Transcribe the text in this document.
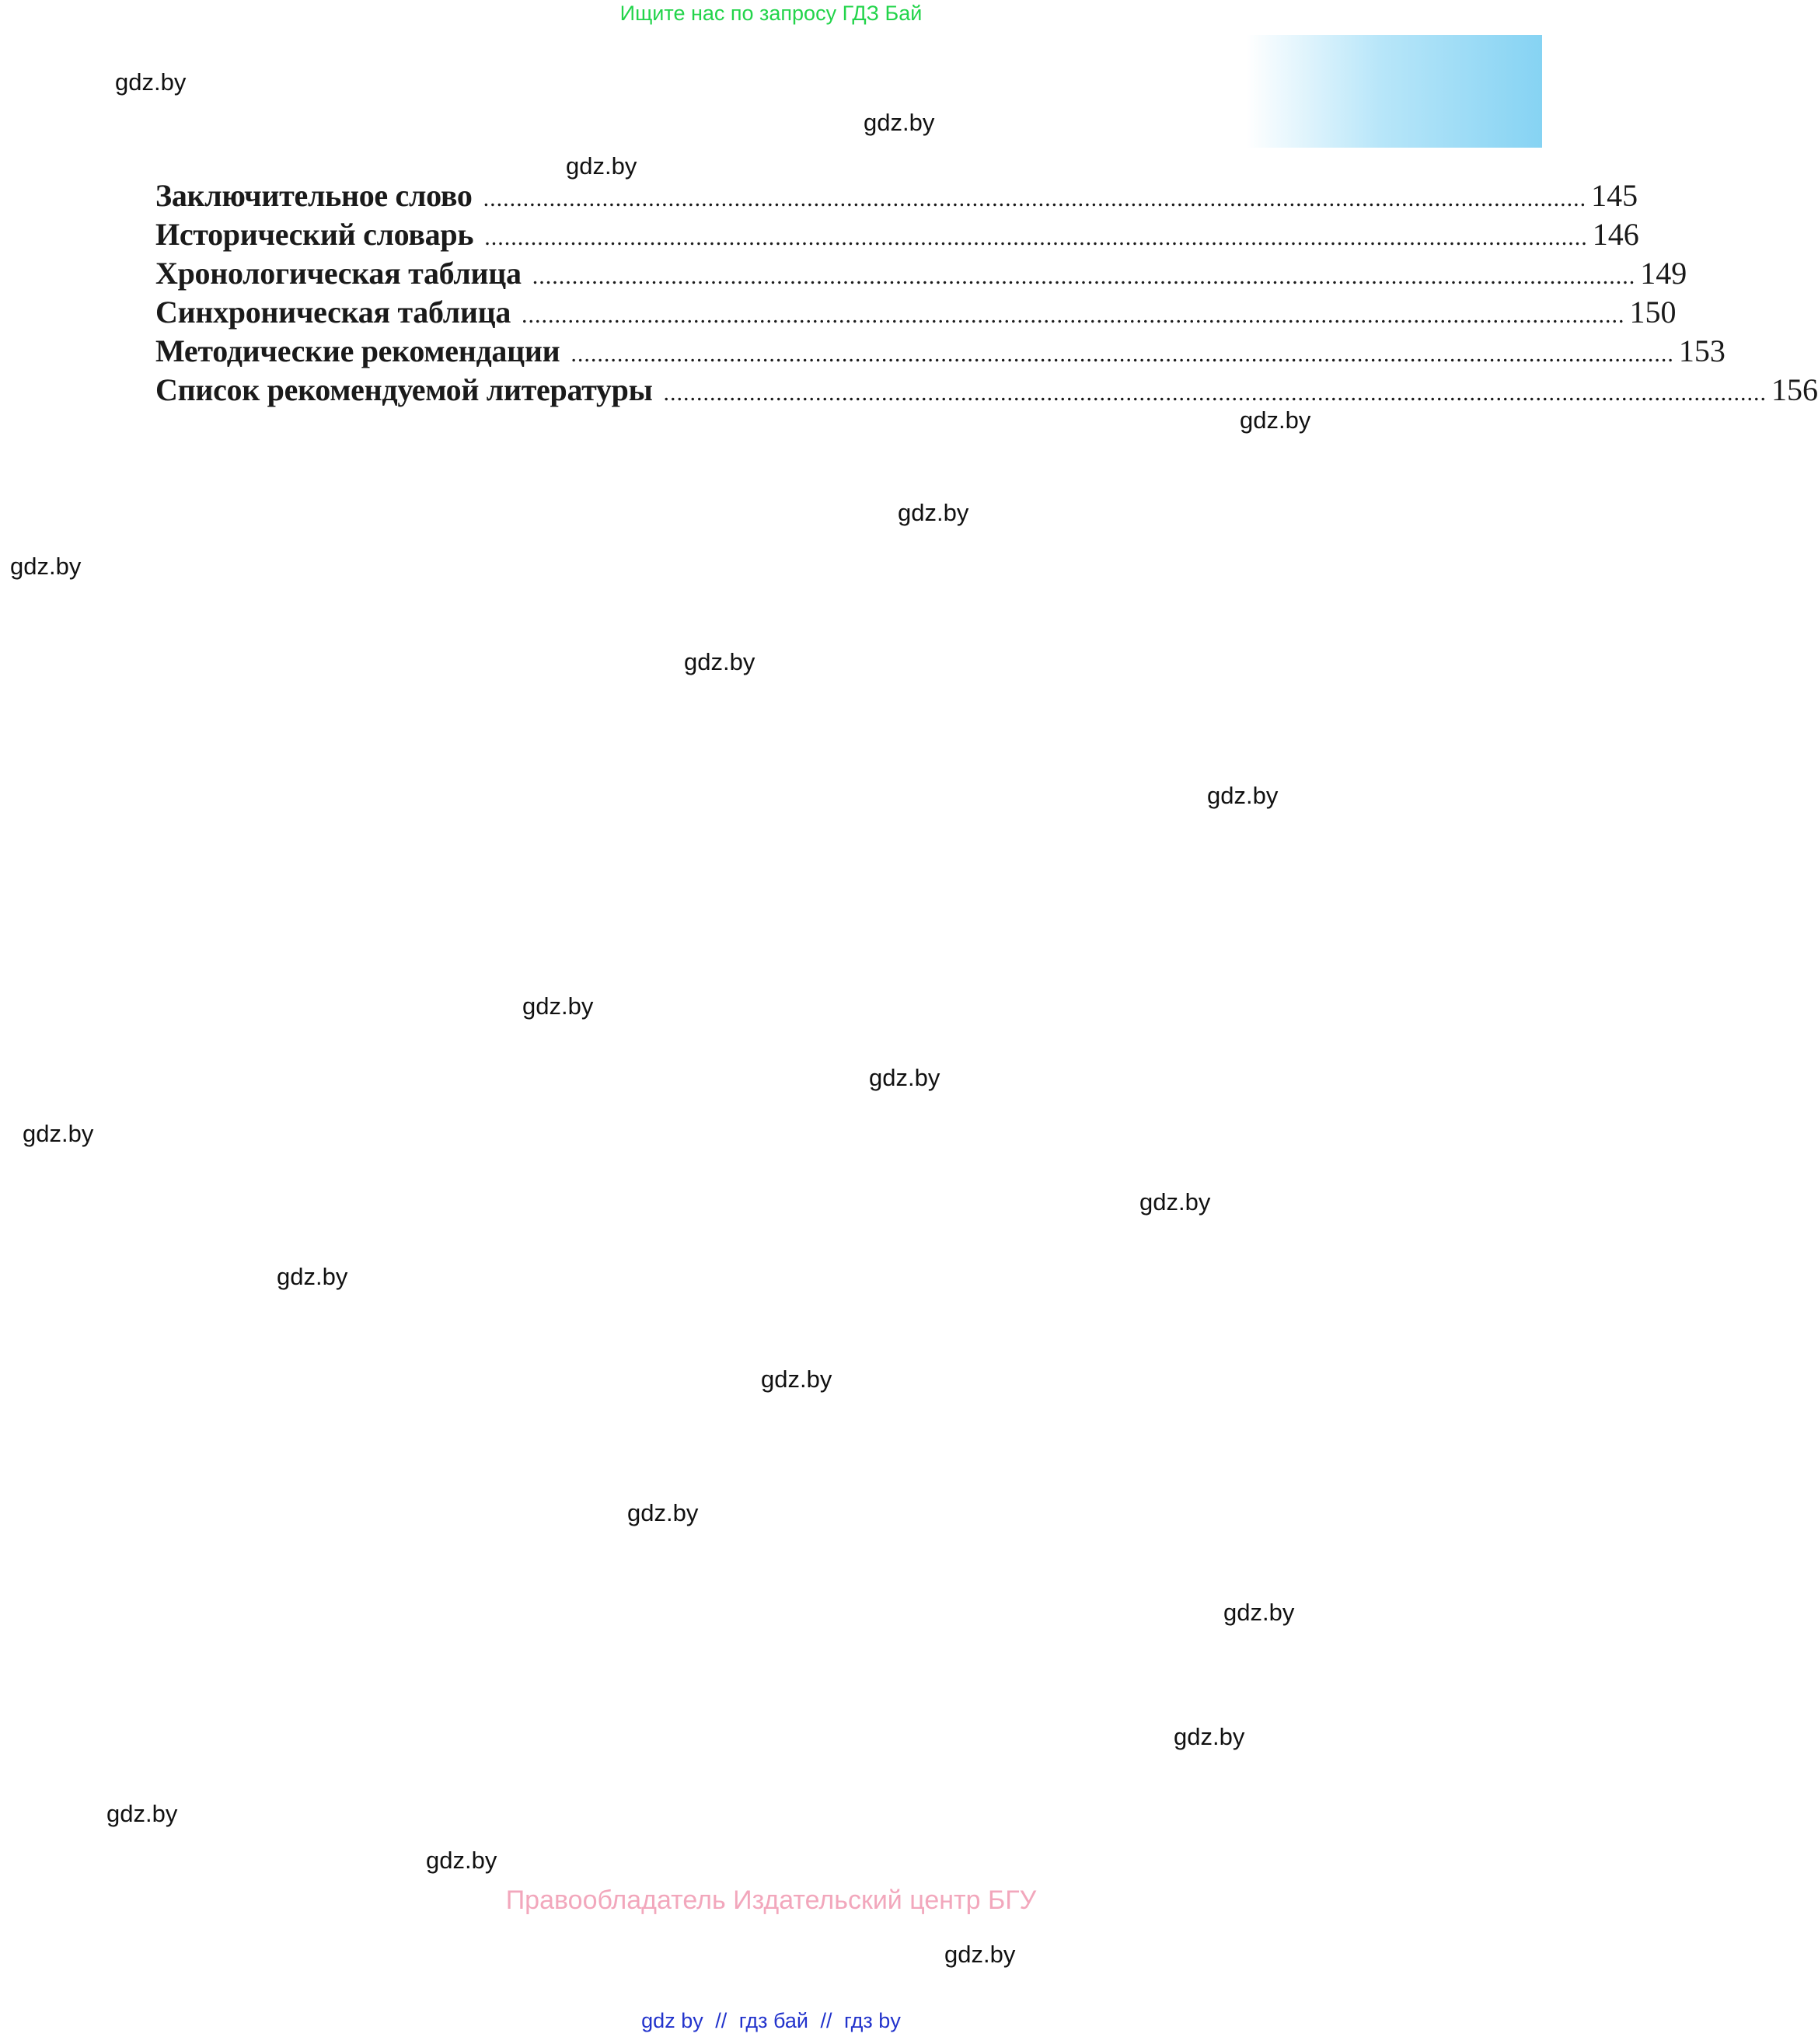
Ищите нас по запросу ГДЗ Бай
Заключительное слово ....................................................................................................................................................................... 145
Исторический словарь ....................................................................................................................................................................... 146
Хронологическая таблица ....................................................................................................................................................................... 149
Синхроническая таблица ....................................................................................................................................................................... 150
Методические рекомендации ....................................................................................................................................................................... 153
Список рекомендуемой литературы ....................................................................................................................................................................... 156
gdz.by
gdz.by
gdz.by
gdz.by
gdz.by
gdz.by
gdz.by
gdz.by
gdz.by
gdz.by
gdz.by
gdz.by
gdz.by
gdz.by
gdz.by
gdz.by
gdz.by
gdz.by
gdz.by
gdz.by
Правообладатель Издательский центр БГУ
gdz by // гдз бай // гдз by
